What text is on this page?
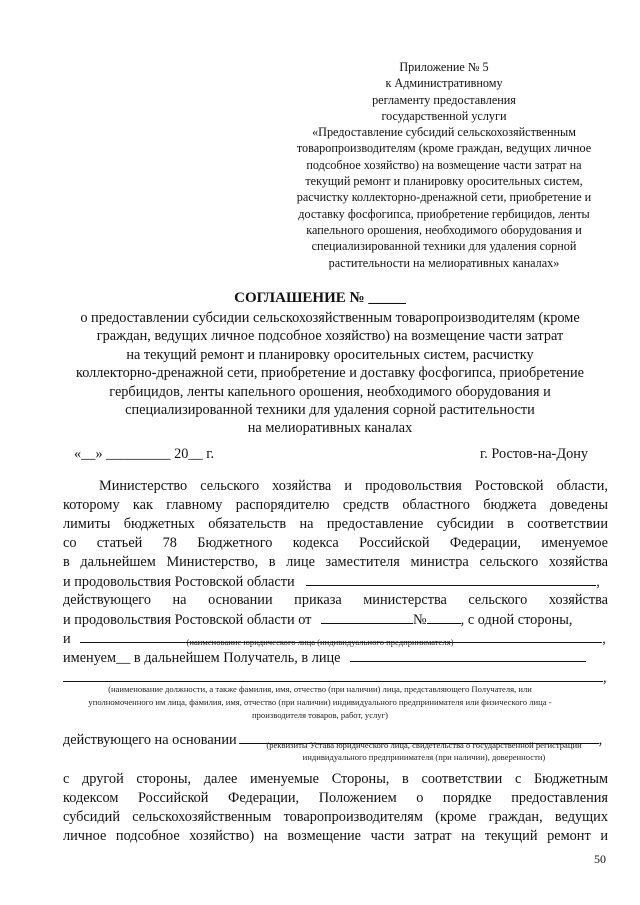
Приложение № 5
к Административному
регламенту предоставления
государственной услуги
«Предоставление субсидий сельскохозяйственным
товаропроизводителям (кроме граждан, ведущих личное
подсобное хозяйство) на возмещение части затрат на
текущий ремонт и планировку оросительных систем,
расчистку коллекторно-дренажной сети, приобретение и
доставку фосфогипса, приобретение гербицидов, ленты
капельного орошения, необходимого оборудования и
специализированной техники для удаления сорной
растительности на мелиоративных каналах»
СОГЛАШЕНИЕ № _____
о предоставлении субсидии сельскохозяйственным товаропроизводителям (кроме
граждан, ведущих личное подсобное хозяйство) на возмещение части затрат
на текущий ремонт и планировку оросительных систем, расчистку
коллекторно-дренажной сети, приобретение и доставку фосфогипса, приобретение
гербицидов, ленты капельного орошения, необходимого оборудования и
специализированной техники для удаления сорной растительности
на мелиоративных каналах
«__» _________ 20__ г.	г. Ростов-на-Дону
Министерство сельского хозяйства и продовольствия Ростовской области,
которому как главному распорядителю средств областного бюджета доведены
лимиты бюджетных обязательств на предоставление субсидии в соответствии
со статьей 78 Бюджетного кодекса Российской Федерации, именуемое
в дальнейшем Министерство, в лице заместителя министра сельского хозяйства
и продовольствия Ростовской области	,
действующего на основании приказа министерства сельского хозяйства
и продовольствия Ростовской области от	№ , с одной стороны,
и	,
(наименование юридического лица (индивидуального предпринимателя)
именуем__ в дальнейшем Получатель, в лице
,
(наименование должности, а также фамилия, имя, отчество (при наличии) лица, представляющего Получателя, или
уполномоченного им лица, фамилия, имя, отчество (при наличии) индивидуального предпринимателя или физического лица -
производителя товаров, работ, услуг)
действующего на основании	,
(реквизиты Устава юридического лица, свидетельства о государственной регистрации
индивидуального предпринимателя (при наличии), доверенности)
с другой стороны, далее именуемые Стороны, в соответствии с Бюджетным
кодексом Российской Федерации, Положением о порядке предоставления
субсидий сельскохозяйственным товаропроизводителям (кроме граждан, ведущих
личное подсобное хозяйство) на возмещение части затрат на текущий ремонт и
50
